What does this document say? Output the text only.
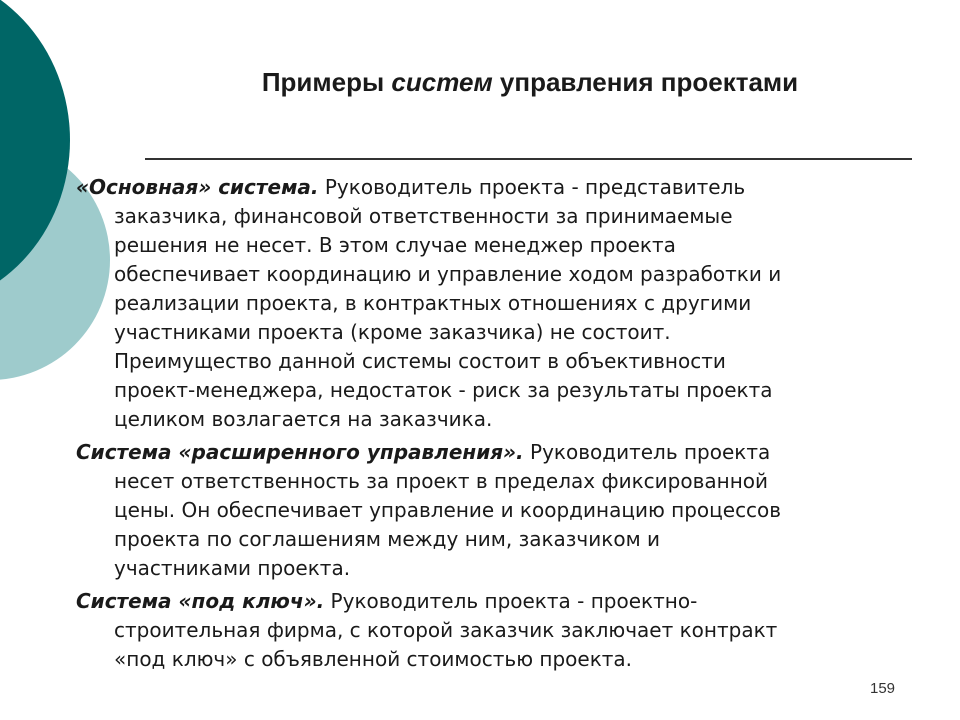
Примеры систем управления проектами

«Основная» система. Руководитель проекта - представитель
заказчика, финансовой ответственности за принимаемые
решения не несет. В этом случае менеджер проекта
обеспечивает координацию и управление ходом разработки и
реализации проекта, в контрактных отношениях с другими
участниками проекта (кроме заказчика) не состоит.
Преимущество данной системы состоит в объективности
проект-менеджера, недостаток - риск за результаты проекта
целиком возлагается на заказчика.

Система «расширенного управления». Руководитель проекта
несет ответственность за проект в пределах фиксированной
цены. Он обеспечивает управление и координацию процессов
проекта по соглашениям между ним, заказчиком и
участниками проекта.

Система «под ключ». Руководитель проекта - проектно-
строительная фирма, с которой заказчик заключает контракт
«под ключ» с объявленной стоимостью проекта.

159
